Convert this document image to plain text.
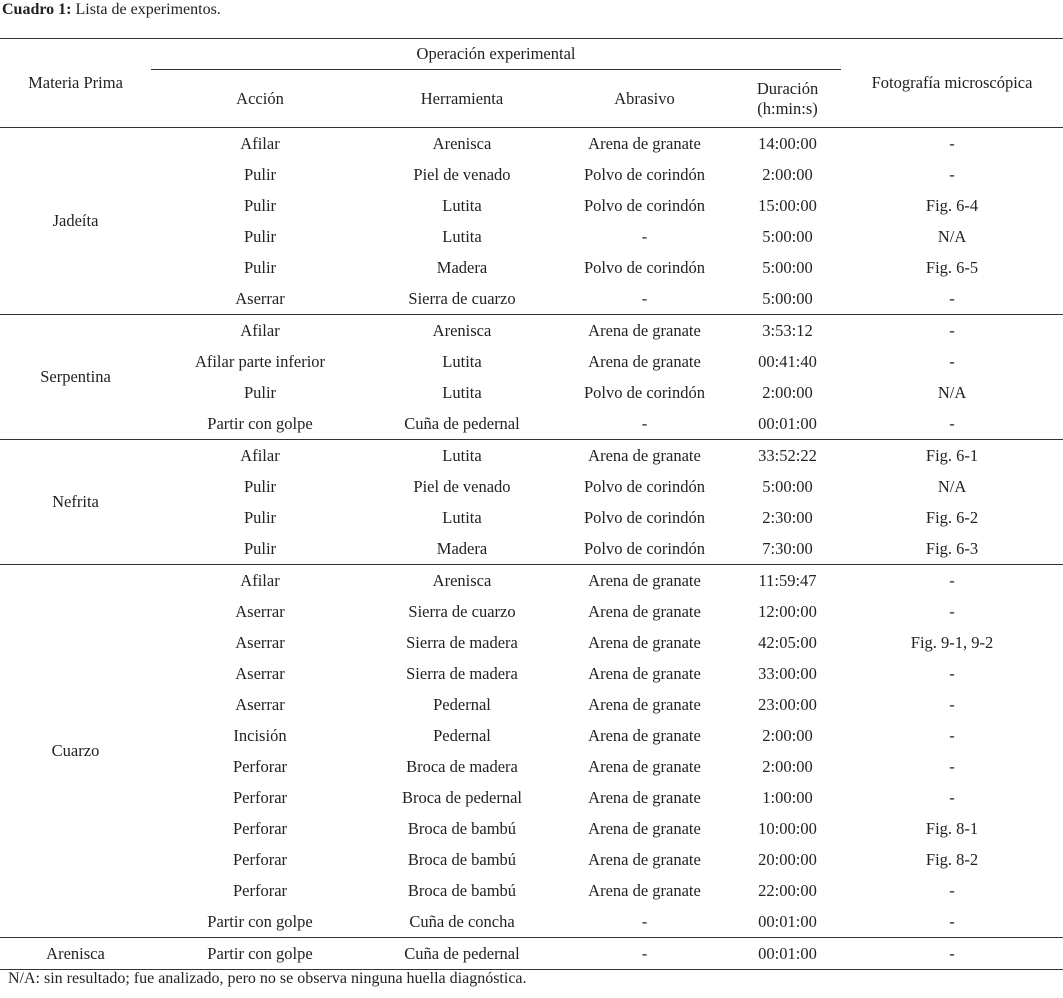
Cuadro 1: Lista de experimentos.
Materia Prima	Operación experimental				Fotografía microscópica
	Acción	Herramienta	Abrasivo	Duración
(h:min:s)	
Jadeíta	Afilar	Arenisca	Arena de granate	14:00:00	-
	Pulir	Piel de venado	Polvo de corindón	2:00:00	-
	Pulir	Lutita	Polvo de corindón	15:00:00	Fig. 6-4
	Pulir	Lutita	-	5:00:00	N/A
	Pulir	Madera	Polvo de corindón	5:00:00	Fig. 6-5
	Aserrar	Sierra de cuarzo	-	5:00:00	-
Serpentina	Afilar	Arenisca	Arena de granate	3:53:12	-
	Afilar parte inferior	Lutita	Arena de granate	00:41:40	-
	Pulir	Lutita	Polvo de corindón	2:00:00	N/A
	Partir con golpe	Cuña de pedernal	-	00:01:00	-
Nefrita	Afilar	Lutita	Arena de granate	33:52:22	Fig. 6-1
	Pulir	Piel de venado	Polvo de corindón	5:00:00	N/A
	Pulir	Lutita	Polvo de corindón	2:30:00	Fig. 6-2
	Pulir	Madera	Polvo de corindón	7:30:00	Fig. 6-3
Cuarzo	Afilar	Arenisca	Arena de granate	11:59:47	-
	Aserrar	Sierra de cuarzo	Arena de granate	12:00:00	-
	Aserrar	Sierra de madera	Arena de granate	42:05:00	Fig. 9-1, 9-2
	Aserrar	Sierra de madera	Arena de granate	33:00:00	-
	Aserrar	Pedernal	Arena de granate	23:00:00	-
	Incisión	Pedernal	Arena de granate	2:00:00	-
	Perforar	Broca de madera	Arena de granate	2:00:00	-
	Perforar	Broca de pedernal	Arena de granate	1:00:00	-
	Perforar	Broca de bambú	Arena de granate	10:00:00	Fig. 8-1
	Perforar	Broca de bambú	Arena de granate	20:00:00	Fig. 8-2
	Perforar	Broca de bambú	Arena de granate	22:00:00	-
	Partir con golpe	Cuña de concha	-	00:01:00	-
Arenisca	Partir con golpe	Cuña de pedernal	-	00:01:00	-
N/A: sin resultado; fue analizado, pero no se observa ninguna huella diagnóstica.
